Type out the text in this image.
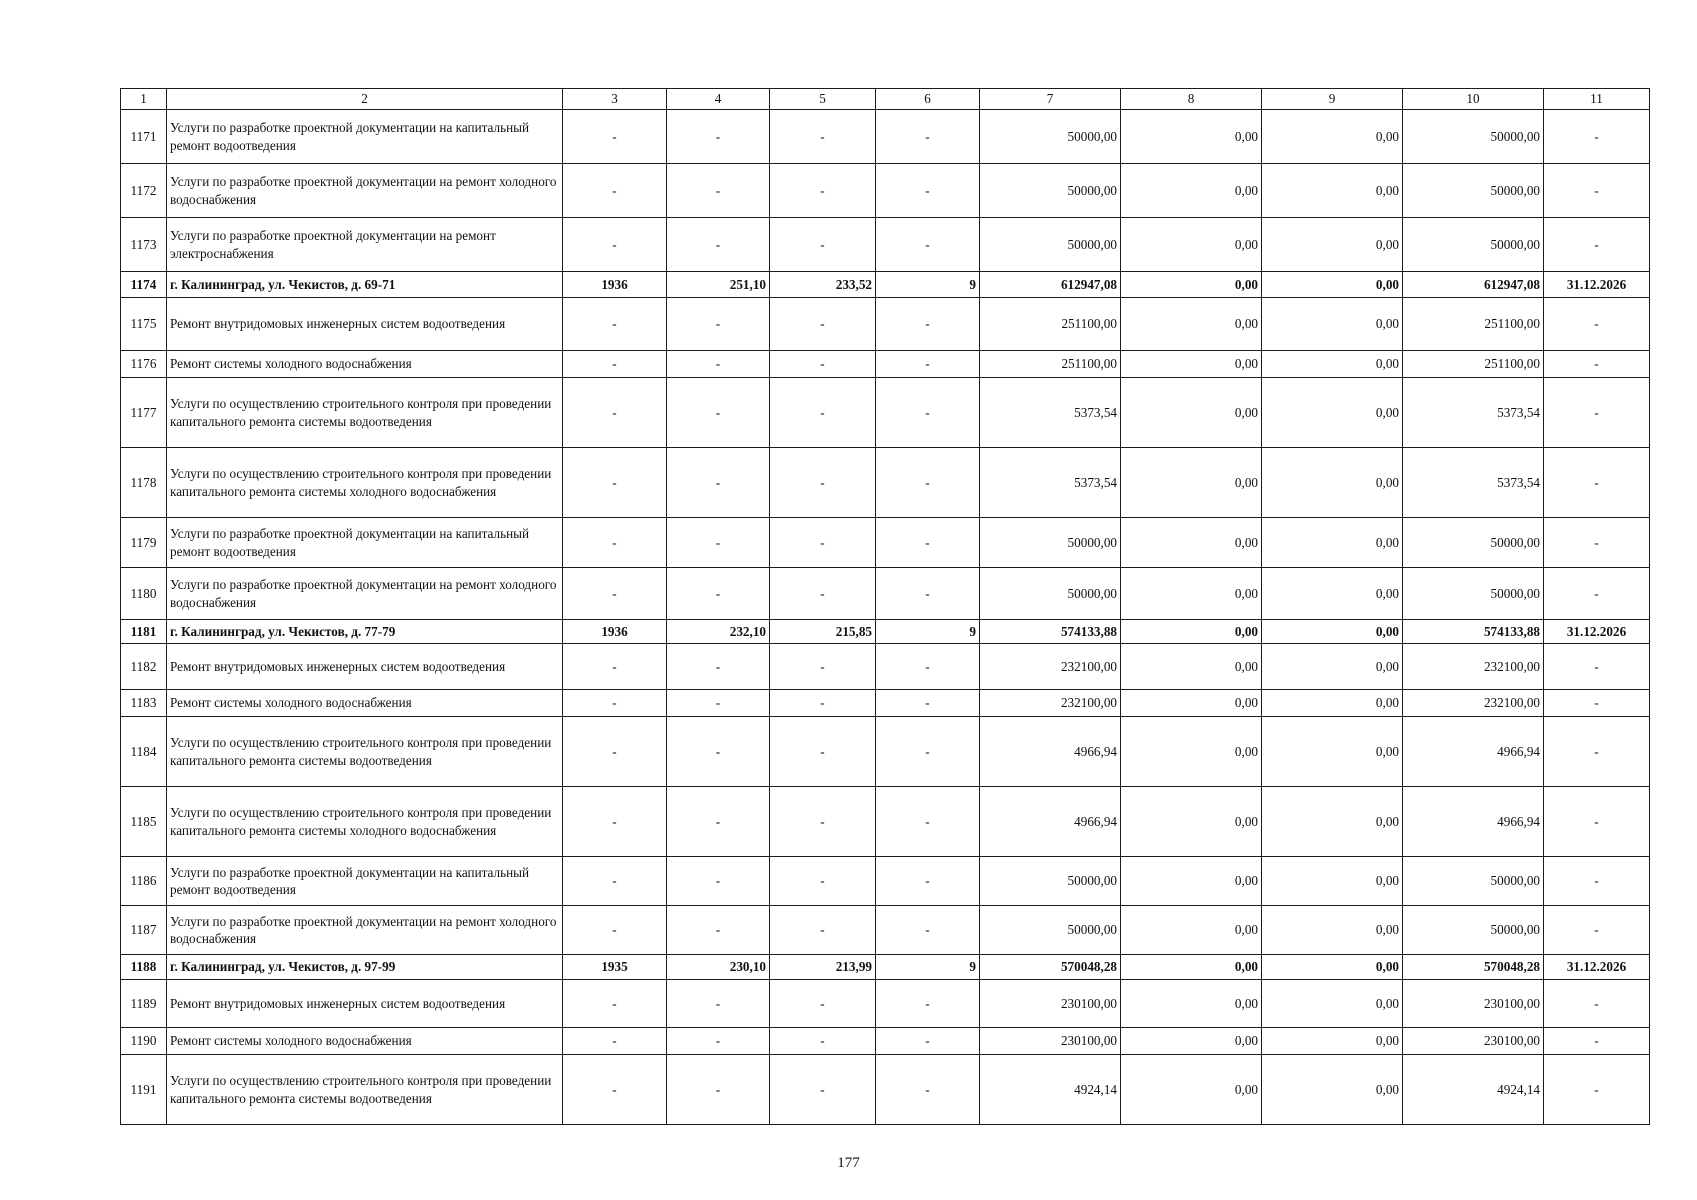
1	2	3	4	5	6	7	8	9	10	11
1171	Услуги по разработке проектной документации на капитальный ремонт водоотведения	-	-	-	-	50000,00	0,00	0,00	50000,00	-
1172	Услуги по разработке проектной документации на ремонт холодного водоснабжения	-	-	-	-	50000,00	0,00	0,00	50000,00	-
1173	Услуги по разработке проектной документации на ремонт электроснабжения	-	-	-	-	50000,00	0,00	0,00	50000,00	-
1174	г. Калининград, ул. Чекистов, д. 69-71	1936	251,10	233,52	9	612947,08	0,00	0,00	612947,08	31.12.2026
1175	Ремонт внутридомовых инженерных систем водоотведения	-	-	-	-	251100,00	0,00	0,00	251100,00	-
1176	Ремонт системы холодного водоснабжения	-	-	-	-	251100,00	0,00	0,00	251100,00	-
1177	Услуги по осуществлению строительного контроля при проведении капитального ремонта системы водоотведения	-	-	-	-	5373,54	0,00	0,00	5373,54	-
1178	Услуги по осуществлению строительного контроля при проведении капитального ремонта системы холодного водоснабжения	-	-	-	-	5373,54	0,00	0,00	5373,54	-
1179	Услуги по разработке проектной документации на капитальный ремонт водоотведения	-	-	-	-	50000,00	0,00	0,00	50000,00	-
1180	Услуги по разработке проектной документации на ремонт холодного водоснабжения	-	-	-	-	50000,00	0,00	0,00	50000,00	-
1181	г. Калининград, ул. Чекистов, д. 77-79	1936	232,10	215,85	9	574133,88	0,00	0,00	574133,88	31.12.2026
1182	Ремонт внутридомовых инженерных систем водоотведения	-	-	-	-	232100,00	0,00	0,00	232100,00	-
1183	Ремонт системы холодного водоснабжения	-	-	-	-	232100,00	0,00	0,00	232100,00	-
1184	Услуги по осуществлению строительного контроля при проведении капитального ремонта системы водоотведения	-	-	-	-	4966,94	0,00	0,00	4966,94	-
1185	Услуги по осуществлению строительного контроля при проведении капитального ремонта системы холодного водоснабжения	-	-	-	-	4966,94	0,00	0,00	4966,94	-
1186	Услуги по разработке проектной документации на капитальный ремонт водоотведения	-	-	-	-	50000,00	0,00	0,00	50000,00	-
1187	Услуги по разработке проектной документации на ремонт холодного водоснабжения	-	-	-	-	50000,00	0,00	0,00	50000,00	-
1188	г. Калининград, ул. Чекистов, д. 97-99	1935	230,10	213,99	9	570048,28	0,00	0,00	570048,28	31.12.2026
1189	Ремонт внутридомовых инженерных систем водоотведения	-	-	-	-	230100,00	0,00	0,00	230100,00	-
1190	Ремонт системы холодного водоснабжения	-	-	-	-	230100,00	0,00	0,00	230100,00	-
1191	Услуги по осуществлению строительного контроля при проведении капитального ремонта системы водоотведения	-	-	-	-	4924,14	0,00	0,00	4924,14	-
177
